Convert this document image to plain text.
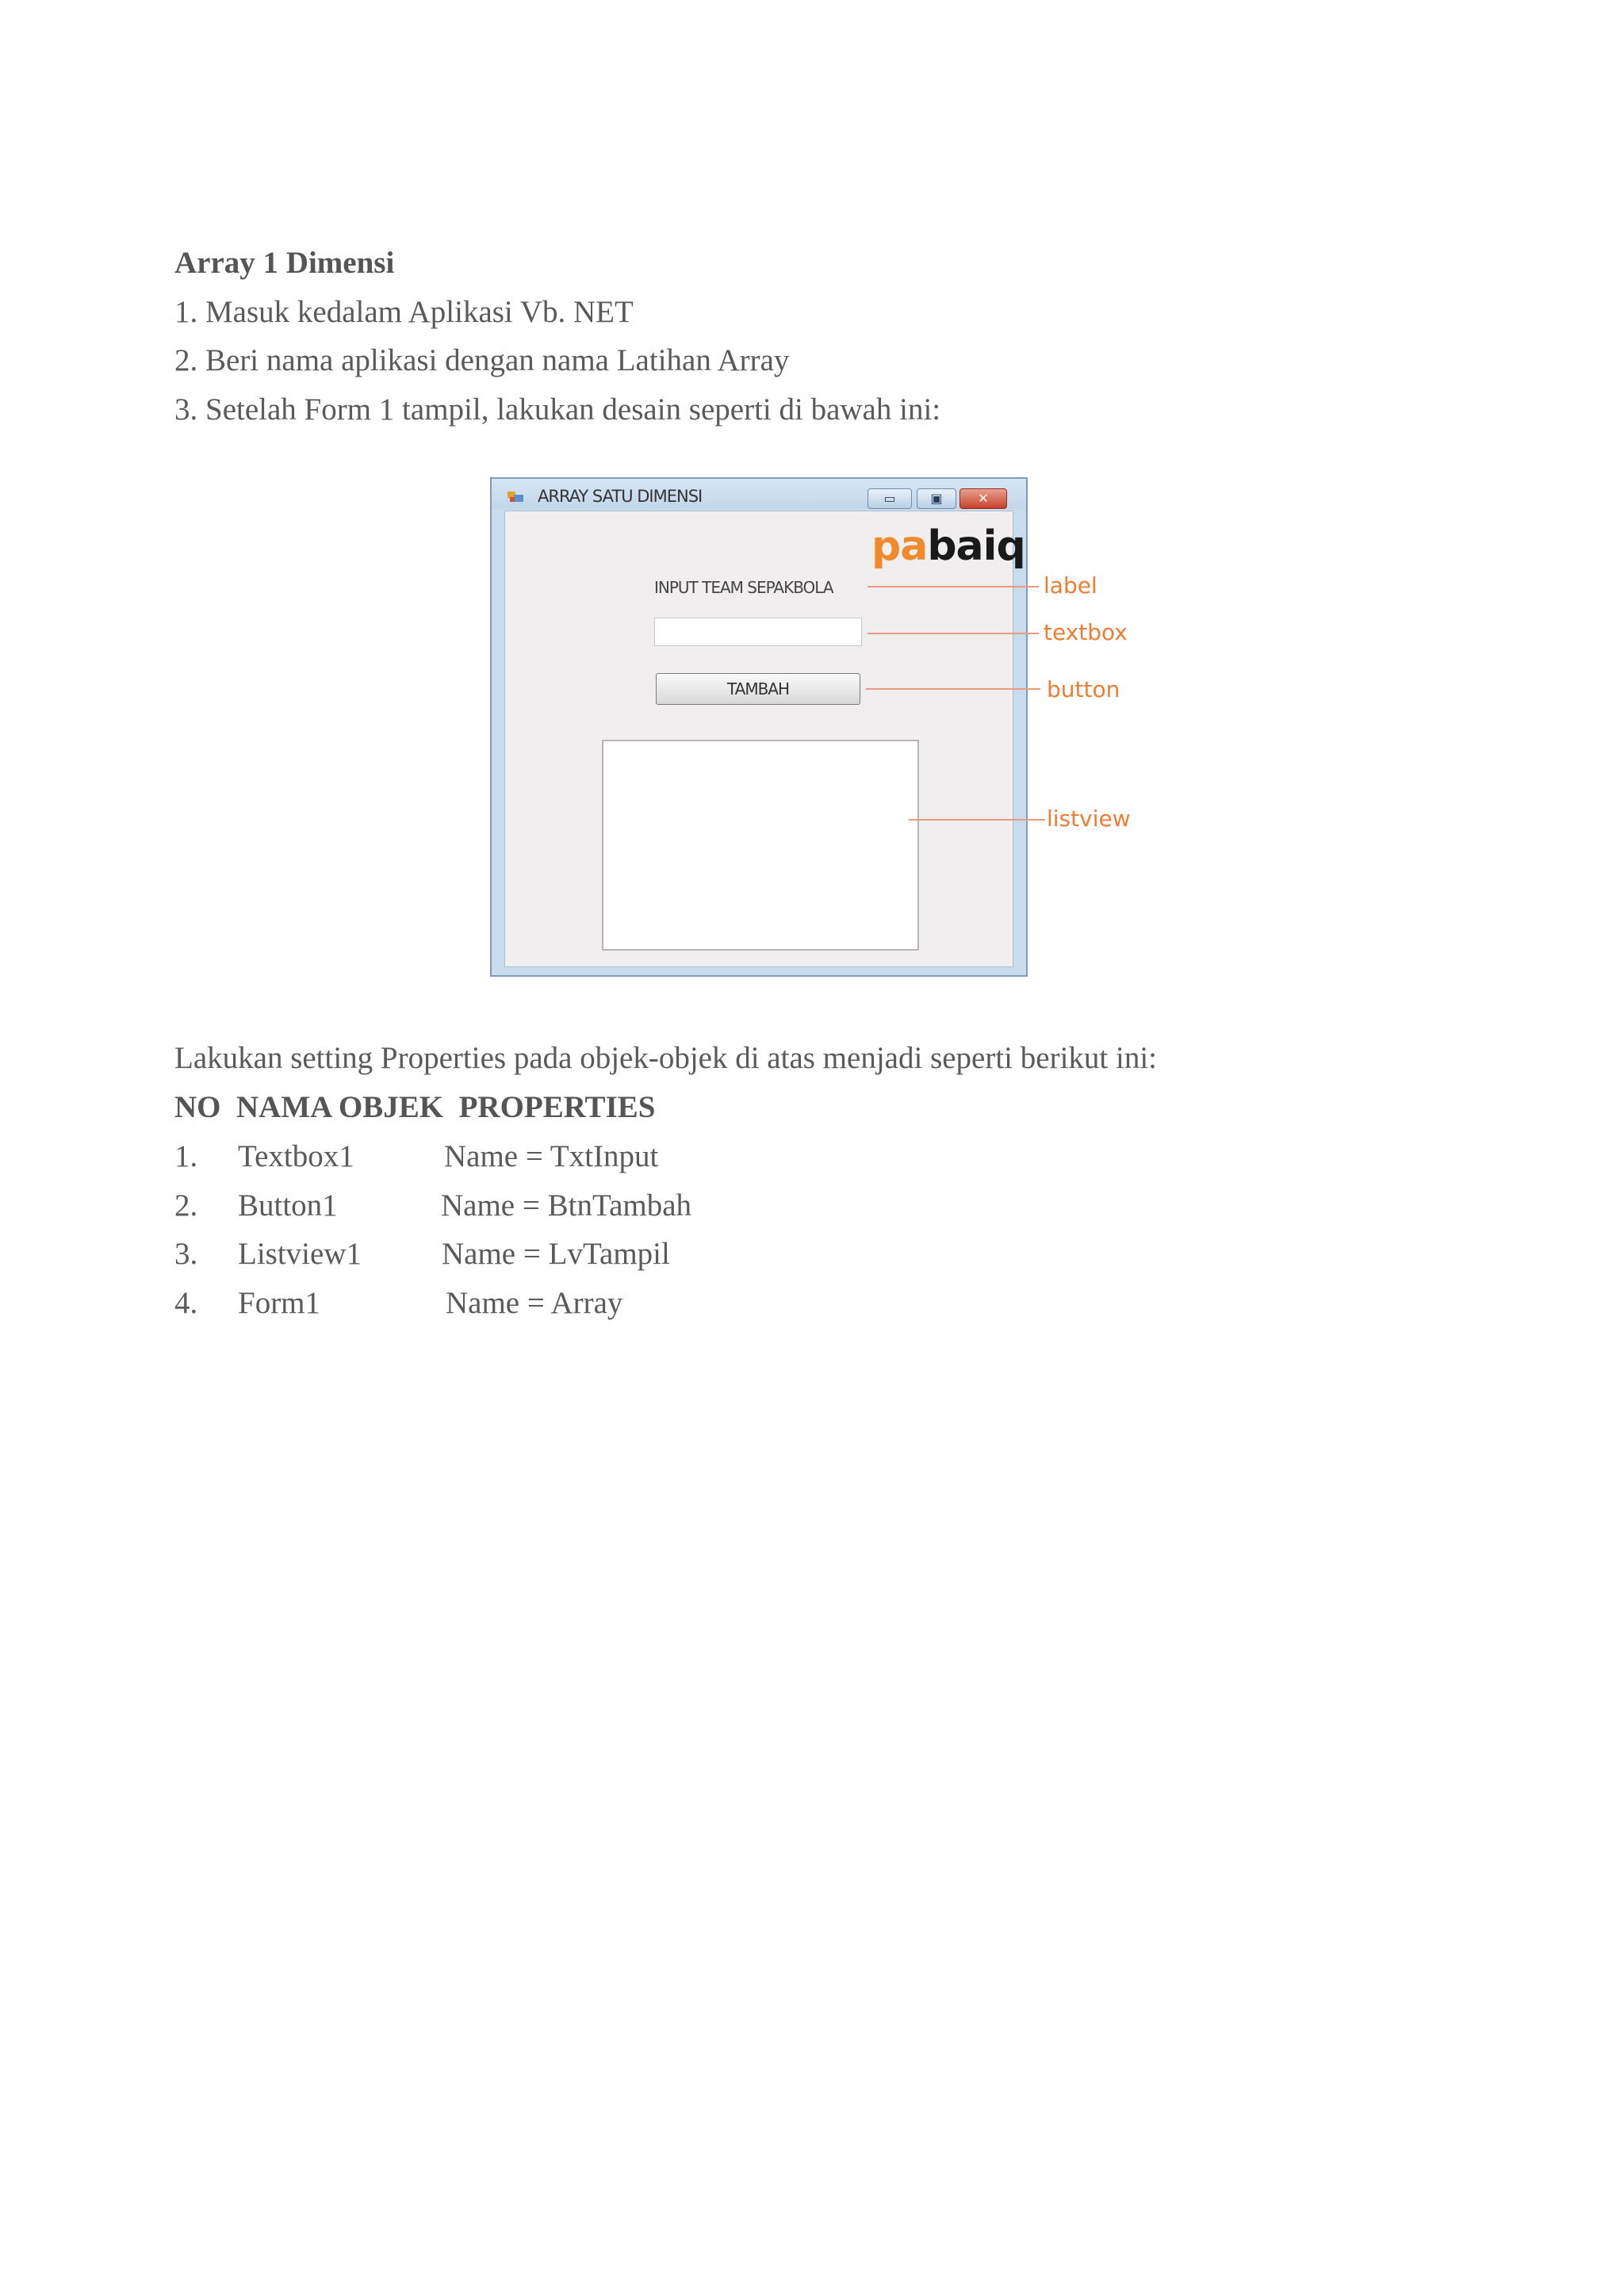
Array 1 Dimensi
1. Masuk kedalam Aplikasi Vb. NET
2. Beri nama aplikasi dengan nama Latihan Array
3. Setelah Form 1 tampil, lakukan desain seperti di bawah ini:
ARRAY SATU DIMENSI	▭	▣	✕
pabaiq
INPUT TEAM SEPAKBOLA
TAMBAH
label
textbox
button
listview
Lakukan setting Properties pada objek-objek di atas menjadi seperti berikut ini:
NO  NAMA OBJEK  PROPERTIES
1. Textbox1	Name = TxtInput
2. Button1	Name = BtnTambah
3. Listview1	Name = LvTampil
4. Form1	Name = Array
